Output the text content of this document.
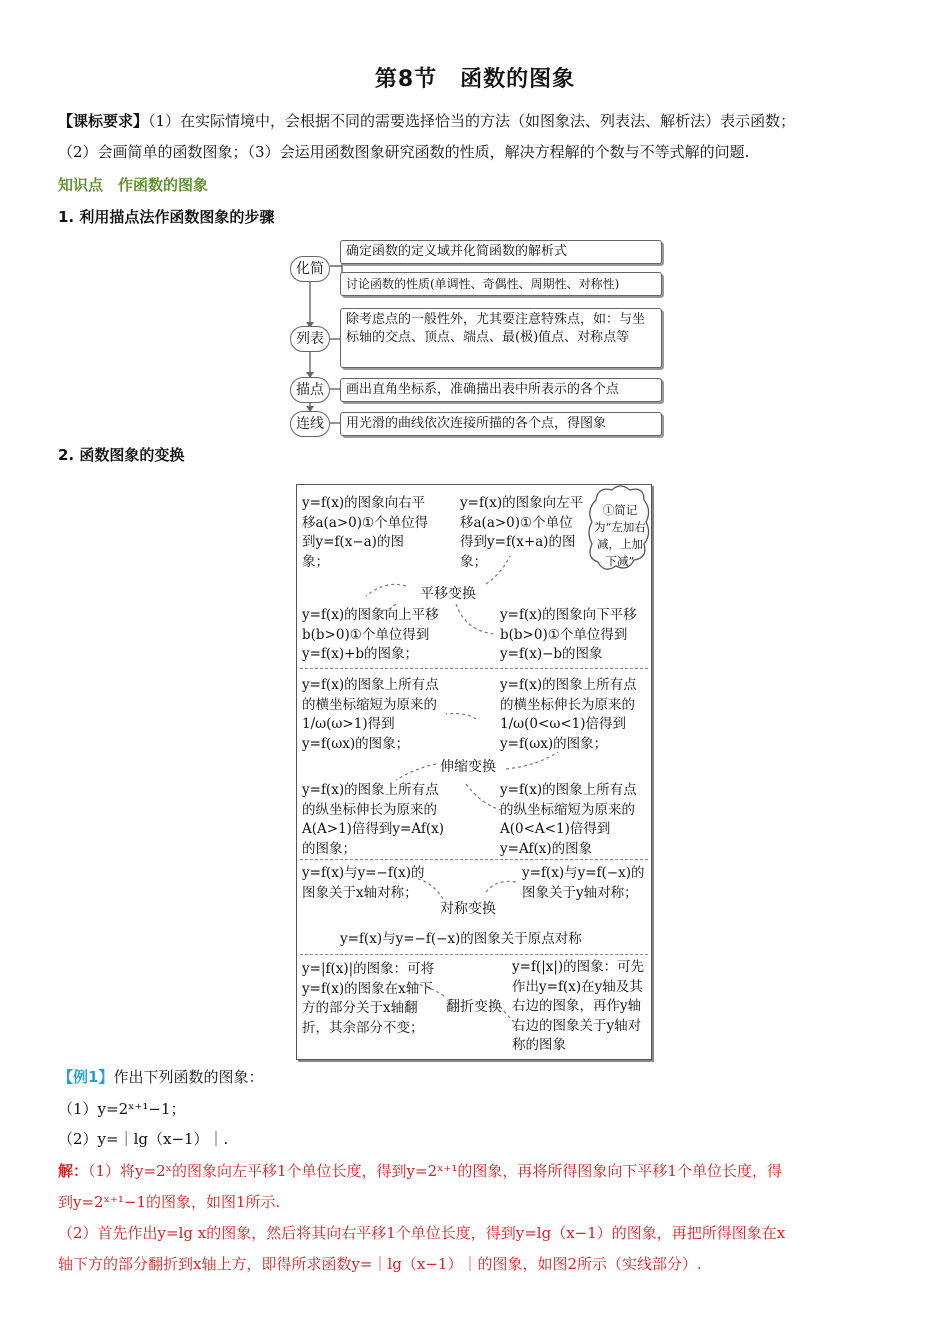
第8节　函数的图象
【课标要求】（1）在实际情境中，会根据不同的需要选择恰当的方法（如图象法、列表法、解析法）表示函数；
（2）会画简单的函数图象；（3）会运用函数图象研究函数的性质，解决方程解的个数与不等式解的问题.
知识点　作函数的图象
1. 利用描点法作函数图象的步骤
化简
列表
描点
连线
确定函数的定义域并化简函数的解析式
讨论函数的性质(单调性、奇偶性、周期性、对称性)
除考虑点的一般性外，尤其要注意特殊点，如：与坐标轴的交点、顶点、端点、最(极)值点、对称点等
画出直角坐标系，准确描出表中所表示的各个点
用光滑的曲线依次连接所描的各个点，得图象
2. 函数图象的变换
①简记为“左加右减，上加下减”
y=f(x)的图象向右平移a(a>0)①个单位得到y=f(x−a)的图象；
y=f(x)的图象向左平移a(a>0)①个单位得到y=f(x+a)的图象；
平移变换
y=f(x)的图象向上平移b(b>0)①个单位得到y=f(x)+b的图象；
y=f(x)的图象向下平移b(b>0)①个单位得到y=f(x)−b的图象
y=f(x)的图象上所有点的横坐标缩短为原来的1/ω(ω>1)得到y=f(ωx)的图象；
y=f(x)的图象上所有点的横坐标伸长为原来的1/ω(0<ω<1)倍得到y=f(ωx)的图象；
伸缩变换
y=f(x)的图象上所有点的纵坐标伸长为原来的A(A>1)倍得到y=Af(x)的图象；
y=f(x)的图象上所有点的纵坐标缩短为原来的A(0<A<1)倍得到y=Af(x)的图象
y=f(x)与y=−f(x)的图象关于x轴对称；
y=f(x)与y=f(−x)的图象关于y轴对称；
对称变换
y=f(x)与y=−f(−x)的图象关于原点对称
y=|f(x)|的图象：可将y=f(x)的图象在x轴下方的部分关于x轴翻折，其余部分不变；
翻折变换
y=f(|x|)的图象：可先作出y=f(x)在y轴及其右边的图象，再作y轴右边的图象关于y轴对称的图象
【例1】作出下列函数的图象：
（1）y=2ˣ⁺¹−1；
（2）y=｜lg（x−1）｜.
解：（1）将y=2ˣ的图象向左平移1个单位长度，得到y=2ˣ⁺¹的图象，再将所得图象向下平移1个单位长度，得
到y=2ˣ⁺¹−1的图象，如图1所示.
（2）首先作出y=lg x的图象，然后将其向右平移1个单位长度，得到y=lg（x−1）的图象，再把所得图象在x
轴下方的部分翻折到x轴上方，即得所求函数y=｜lg（x−1）｜的图象，如图2所示（实线部分）.
